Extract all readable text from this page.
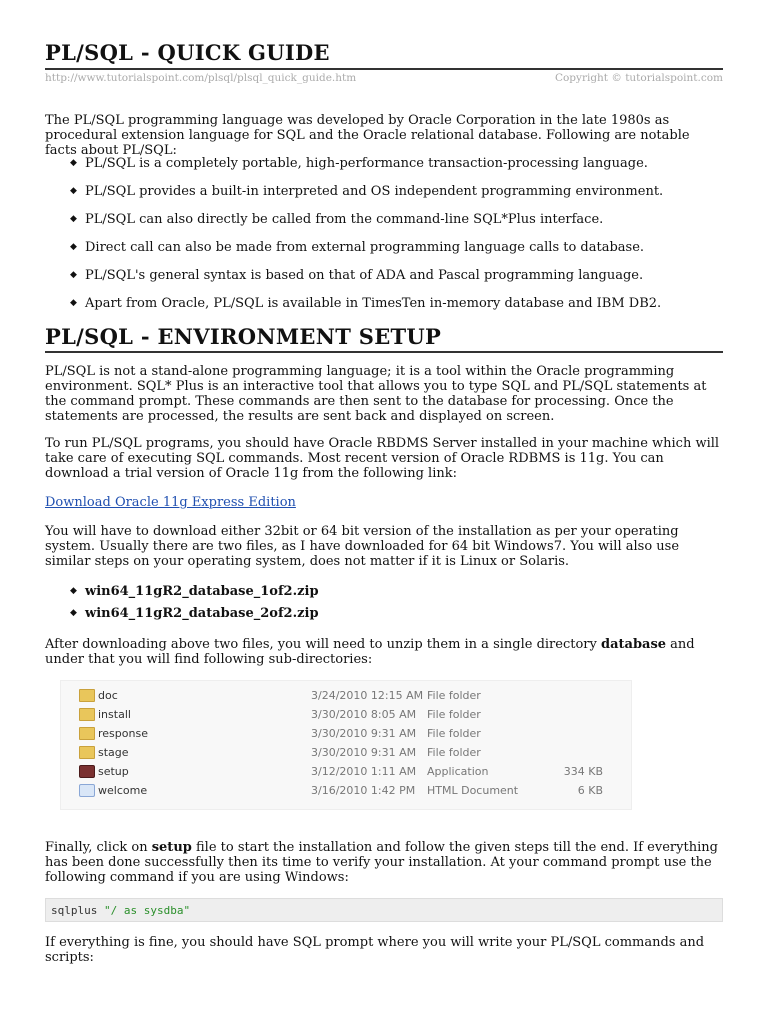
PL/SQL - QUICK GUIDE
http://www.tutorialspoint.com/plsql/plsql_quick_guide.htm	Copyright © tutorialspoint.com

The PL/SQL programming language was developed by Oracle Corporation in the late 1980s as procedural extension language for SQL and the Oracle relational database. Following are notable facts about PL/SQL:

◆ PL/SQL is a completely portable, high-performance transaction-processing language.
◆ PL/SQL provides a built-in interpreted and OS independent programming environment.
◆ PL/SQL can also directly be called from the command-line SQL*Plus interface.
◆ Direct call can also be made from external programming language calls to database.
◆ PL/SQL's general syntax is based on that of ADA and Pascal programming language.
◆ Apart from Oracle, PL/SQL is available in TimesTen in-memory database and IBM DB2.
PL/SQL - ENVIRONMENT SETUP

PL/SQL is not a stand-alone programming language; it is a tool within the Oracle programming environment. SQL* Plus is an interactive tool that allows you to type SQL and PL/SQL statements at the command prompt. These commands are then sent to the database for processing. Once the statements are processed, the results are sent back and displayed on screen.

To run PL/SQL programs, you should have Oracle RBDMS Server installed in your machine which will take care of executing SQL commands. Most recent version of Oracle RDBMS is 11g. You can download a trial version of Oracle 11g from the following link:

Download Oracle 11g Express Edition

You will have to download either 32bit or 64 bit version of the installation as per your operating system. Usually there are two files, as I have downloaded for 64 bit Windows7. You will also use similar steps on your operating system, does not matter if it is Linux or Solaris.

◆ win64_11gR2_database_1of2.zip
◆ win64_11gR2_database_2of2.zip

After downloading above two files, you will need to unzip them in a single directory database and under that you will find following sub-directories:

doc	3/24/2010 12:15 AM File folder
install	3/30/2010 8:05 AM File folder
response	3/30/2010 9:31 AM File folder
stage	3/30/2010 9:31 AM File folder
setup	3/12/2010 1:11 AM Application	334 KB
welcome	3/16/2010 1:42 PM HTML Document	6 KB

Finally, click on setup file to start the installation and follow the given steps till the end. If everything has been done successfully then its time to verify your installation. At your command prompt use the following command if you are using Windows:

sqlplus "/ as sysdba"

If everything is fine, you should have SQL prompt where you will write your PL/SQL commands and scripts:
